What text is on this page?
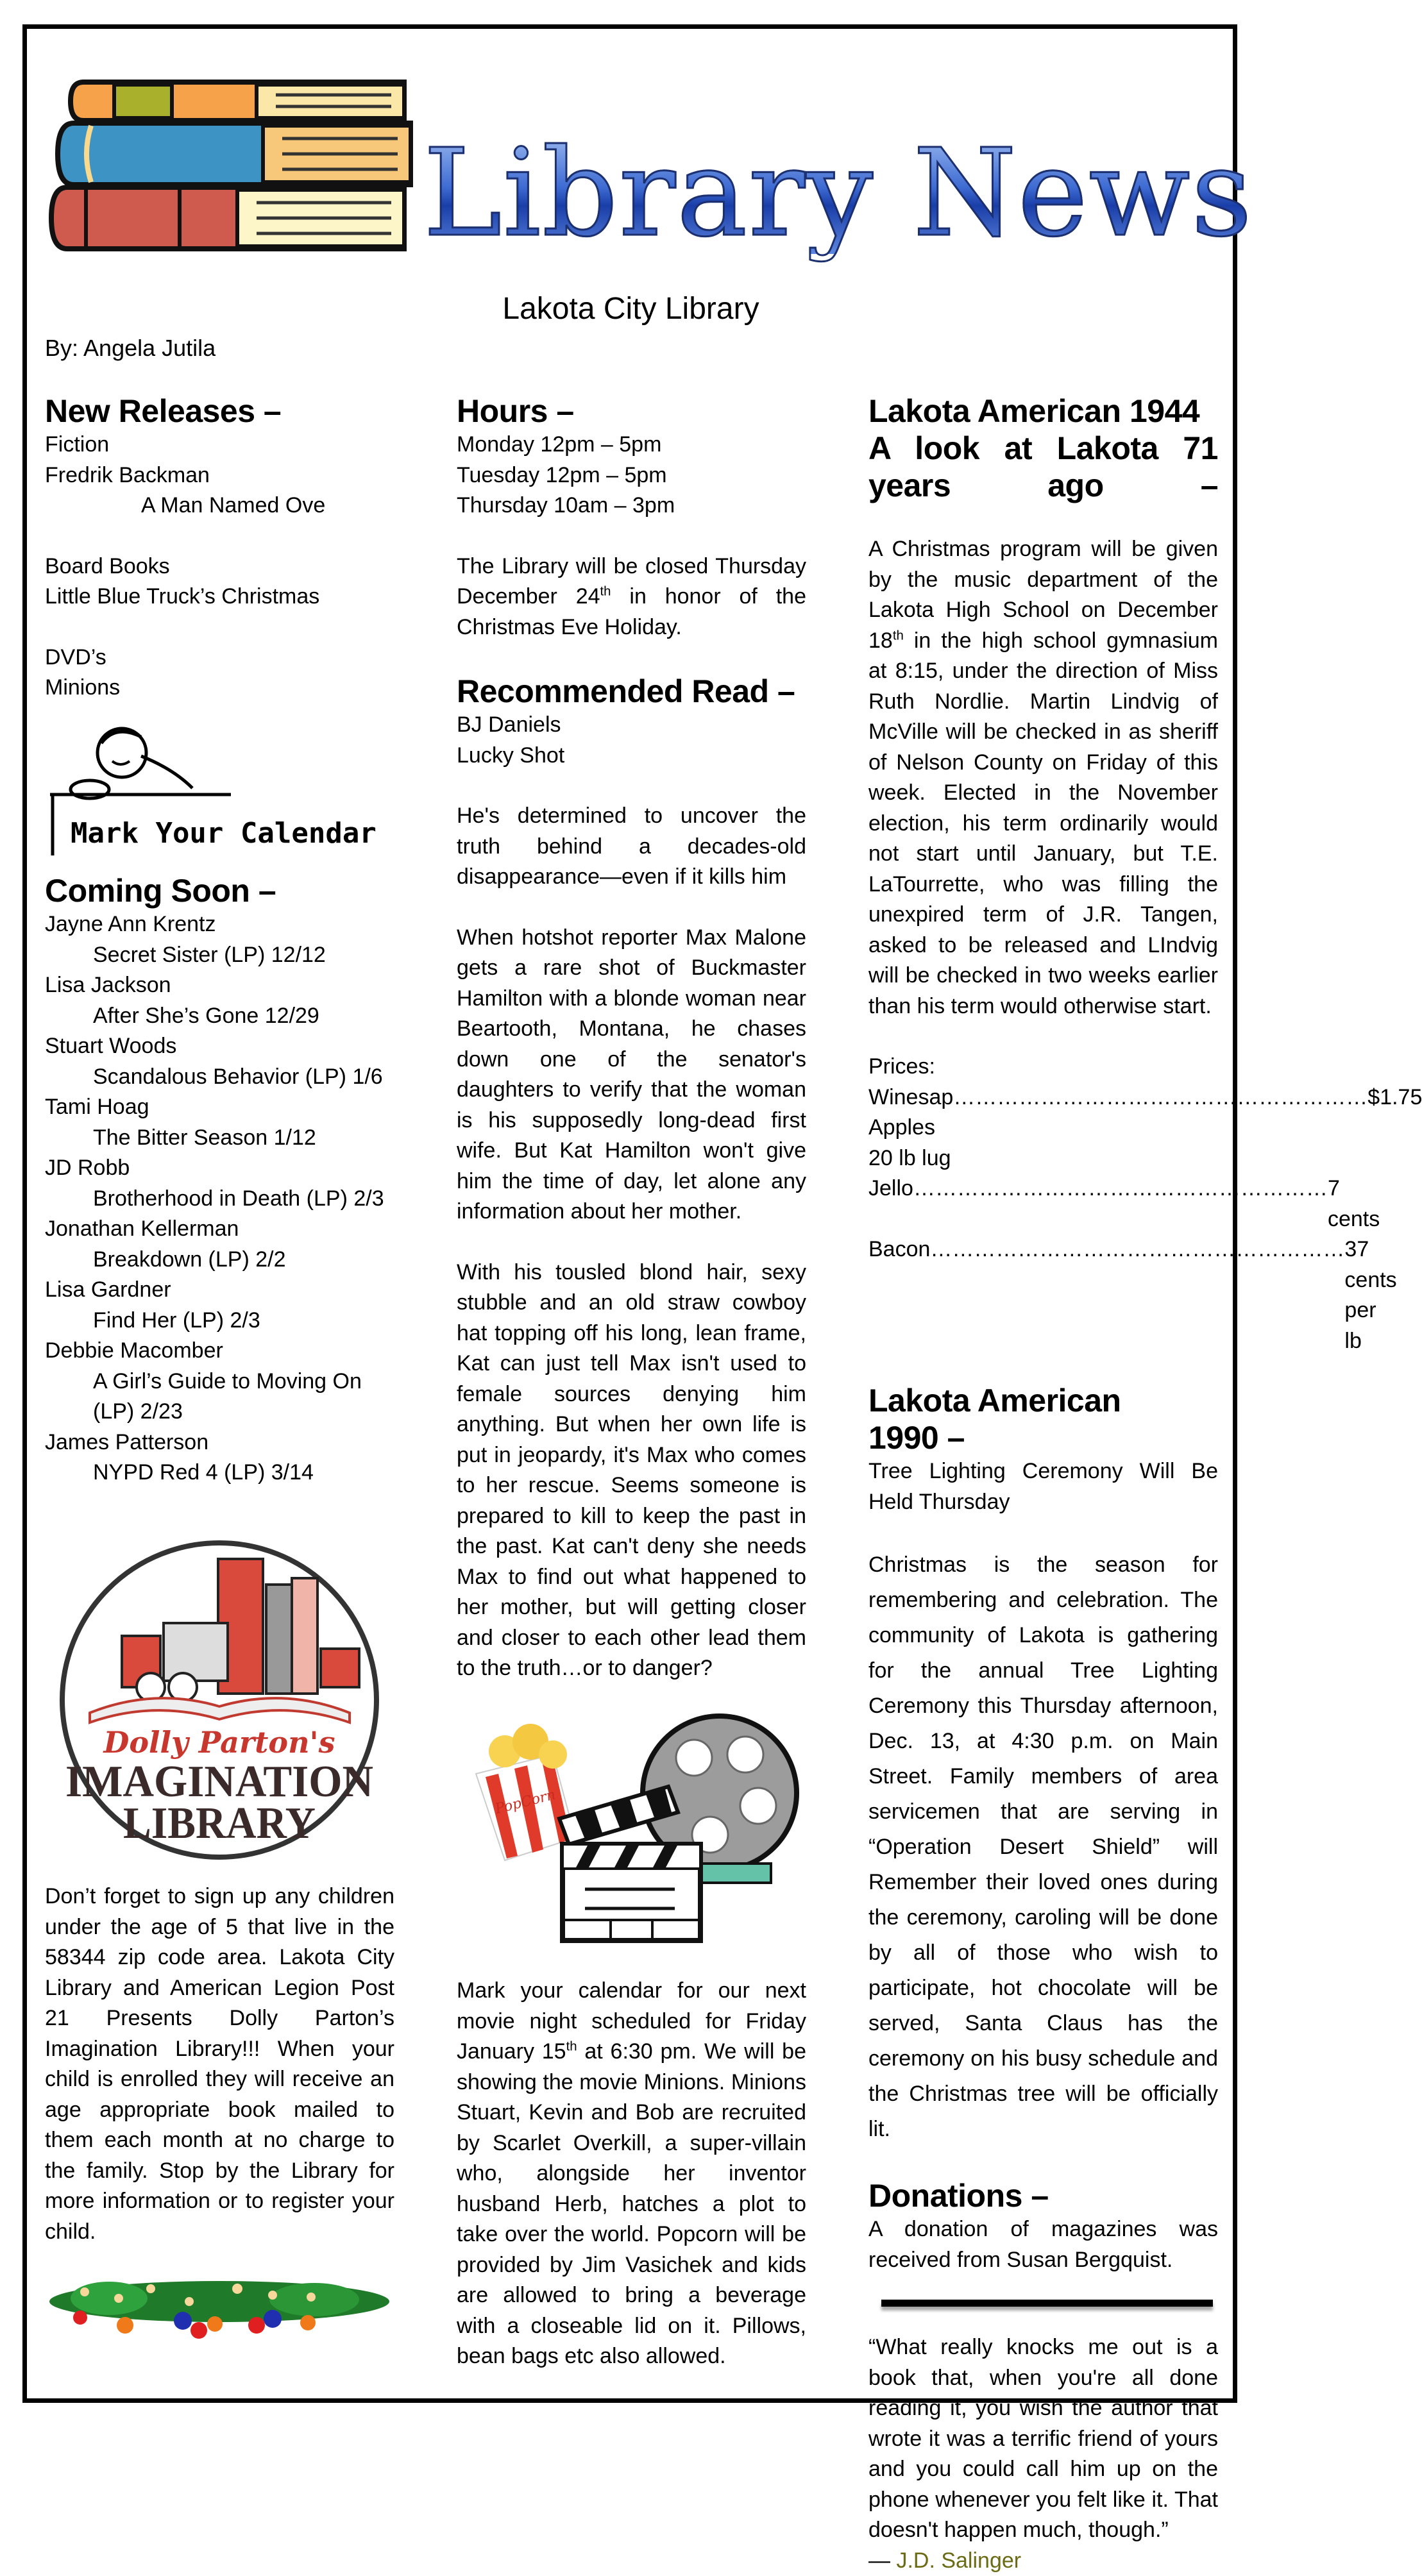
Library News
Lakota City Library
By: Angela Jutila
New Releases –

Fiction

Fredrik Backman

A Man Named Ove

Board Books

Little Blue Truck’s Christmas

DVD’s

Minions

Mark Your Calendar
Coming Soon –

Jayne Ann Krentz

Secret Sister (LP) 12/12

Lisa Jackson

After She’s Gone 12/29

Stuart Woods

Scandalous Behavior (LP) 1/6

Tami Hoag

The Bitter Season 1/12

JD Robb

Brotherhood in Death (LP) 2/3

Jonathan Kellerman

Breakdown (LP) 2/2

Lisa Gardner

Find Her (LP) 2/3

Debbie Macomber

A Girl’s Guide to Moving On (LP) 2/23

James Patterson

NYPD Red 4 (LP) 3/14

Dolly Parton's
IMAGINATION
LIBRARY

Don’t forget to sign up any children under the age of 5 that live in the 58344 zip code area. Lakota City Library and American Legion Post 21 Presents Dolly Parton’s Imagination Library!!! When your child is enrolled they will receive an age appropriate book mailed to them each month at no charge to the family. Stop by the Library for more information or to register your child.

Hours –

Monday 12pm – 5pm

Tuesday 12pm – 5pm

Thursday 10am – 3pm

The Library will be closed Thursday December 24th in honor of the Christmas Eve Holiday.

Recommended Read –

BJ Daniels

Lucky Shot

He's determined to uncover the truth behind a decades-old disappearance—even if it kills him

When hotshot reporter Max Malone gets a rare shot of Buckmaster Hamilton with a blonde woman near Beartooth, Montana, he chases down one of the senator's daughters to verify that the woman is his supposedly long-dead first wife. But Kat Hamilton won't give him the time of day, let alone any information about her mother.

With his tousled blond hair, sexy stubble and an old straw cowboy hat topping off his long, lean frame, Kat can just tell Max isn't used to female sources denying him anything. But when her own life is put in jeopardy, it's Max who comes to her rescue. Seems someone is prepared to kill to keep the past in the past. Kat can't deny she needs Max to find out what happened to her mother, but will getting closer and closer to each other lead them to the truth…or to danger?

PopCorn

Mark your calendar for our next movie night scheduled for Friday January 15th at 6:30 pm. We will be showing the movie Minions. Minions Stuart, Kevin and Bob are recruited by Scarlet Overkill, a super-villain who, alongside her inventor husband Herb, hatches a plot to take over the world. Popcorn will be provided by Jim Vasichek and kids are allowed to bring a beverage with a closeable lid on it. Pillows, bean bags etc also allowed.

Lakota American 1944

A look at Lakota 71 years ago –

A Christmas program will be given by the music department of the Lakota High School on December 18th in the high school gymnasium at 8:15, under the direction of Miss Ruth Nordlie. Martin Lindvig of McVille will be checked in as sheriff of Nelson County on Friday of this week. Elected in the November election, his term ordinarily would not start until January, but T.E. LaTourrette, who was filling the unexpired term of J.R. Tangen, asked to be released and LIndvig will be checked in two weeks earlier than his term would otherwise start.

Prices:

Winesap Apples 20 lb lug
………………………………………………… $1.75
Jello ………………………………………………… 7 cents
Bacon ………………………………………………… 37 cents per lb
Lakota American
1990 –

Tree Lighting Ceremony Will Be Held Thursday

Christmas is the season for remembering and celebration. The community of Lakota is gathering for the annual Tree Lighting Ceremony this Thursday afternoon, Dec. 13, at 4:30 p.m. on Main Street. Family members of area servicemen that are serving in “Operation Desert Shield” will Remember their loved ones during the ceremony, caroling will be done by all of those who wish to participate, hot chocolate will be served, Santa Claus has the ceremony on his busy schedule and the Christmas tree will be officially lit.

Donations –

A donation of magazines was received from Susan Bergquist.

“What really knocks me out is a book that, when you're all done reading it, you wish the author that wrote it was a terrific friend of yours and you could call him up on the phone whenever you felt like it. That doesn't happen much, though.”

― J.D. Salinger
